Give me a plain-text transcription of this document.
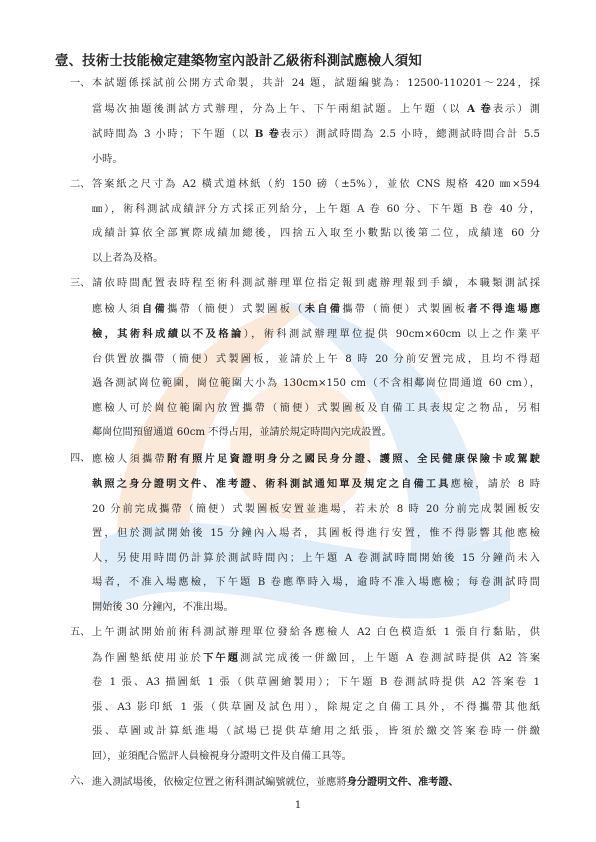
壹、技術士技能檢定建築物室內設計乙級術科測試應檢人須知
一、 本試題係採試前公開方式命製，共計 24 題，試題編號為：12500-110201～224，採
當場次抽題後測試方式辦理，分為上午、下午兩組試題。上午題（以 A 卷表示）測
試時間為 3 小時；下午題（以 B 卷表示）測試時間為 2.5 小時，總測試時間合計 5.5
小時。
二、 答案紙之尺寸為 A2 橫式道林紙（約 150 磅（±5%），並依 CNS 規格 420 ㎜×594
㎜），術科測試成績評分方式採正列給分，上午題 A 卷 60 分、下午題 B 卷 40 分，
成績計算依全部實際成績加總後，四捨五入取至小數點以後第二位，成績達 60 分
以上者為及格。
三、 請依時間配置表時程至術科測試辦理單位指定報到處辦理報到手續，本職類測試採
應檢人須自備攜帶（簡便）式製圖板（未自備攜帶（簡便）式製圖板者不得進場應
檢，其術科成績以不及格論），術科測試辦理單位提供 90cm×60cm 以上之作業平
台供置放攜帶（簡便）式製圖板，並請於上午 8 時 20 分前安置完成，且均不得超
過各測試崗位範圍，崗位範圍大小為 130cm×150 cm（不含相鄰崗位間通道 60 cm），
應檢人可於崗位範圍內放置攜帶（簡便）式製圖板及自備工具表規定之物品，另相
鄰崗位間預留通道 60cm 不得占用，並請於規定時間內完成設置。
四、 應檢人須攜帶附有照片足資證明身分之國民身分證、護照、全民健康保險卡或駕駛
執照之身分證明文件、准考證、術科測試通知單及規定之自備工具應檢，請於 8 時
20 分前完成攜帶（簡便）式製圖板安置並進場，若未於 8 時 20 分前完成製圖板安
置，但於測試開始後 15 分鐘內入場者，其圖板得進行安置，惟不得影響其他應檢
人，另使用時間仍計算於測試時間內；上午題 A 卷測試時間開始後 15 分鐘尚未入
場者，不准入場應檢，下午題 B 卷應準時入場，逾時不准入場應檢；每卷測試時間
開始後 30 分鐘內，不准出場。
五、 上午測試開始前術科測試辦理單位發給各應檢人 A2 白色模造紙 1 張自行黏貼，供
為作圖墊紙使用並於下午題測試完成後一併繳回，上午題 A 卷測試時提供 A2 答案
卷 1 張、A3 描圖紙 1 張（供草圖繪製用）；下午題 B 卷測試時提供 A2 答案卷 1
張、A3 影印紙 1 張（供草圖及試色用），除規定之自備工具外，不得攜帶其他紙
張、草圖或計算紙進場（試場已提供草繪用之紙張，皆須於繳交答案卷時一併繳
回），並須配合監評人員檢視身分證明文件及自備工具等。
六、 進入測試場後，依檢定位置之術科測試編號就位，並應將身分證明文件、准考證、
1
